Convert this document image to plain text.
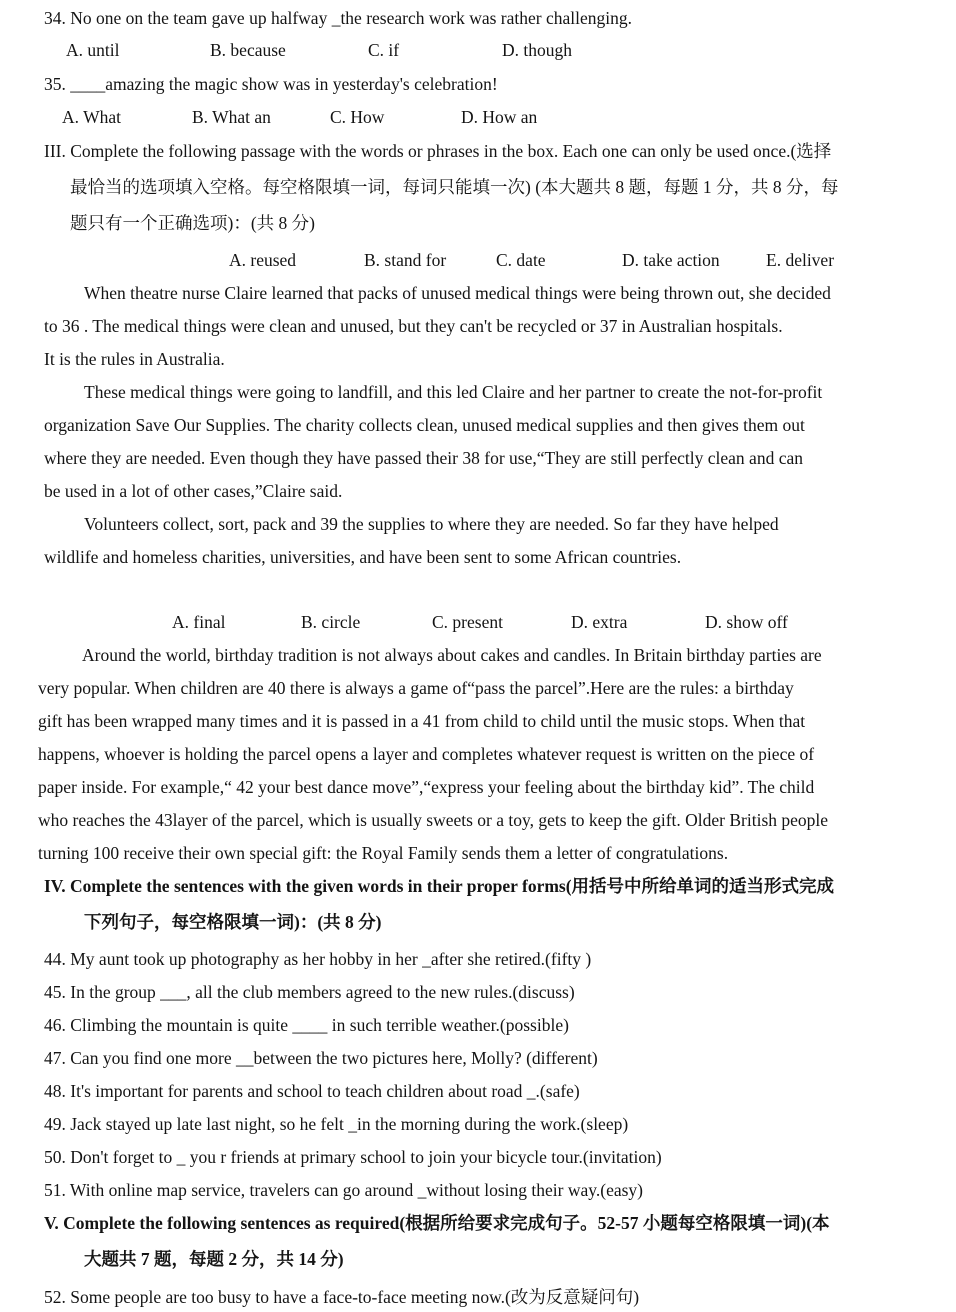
34. No one on the team gave up halfway _the research work was rather challenging.
A. until	B. because	C. if	D. though
35. ____amazing the magic show was in yesterday's celebration!
A. What	B. What an	C. How	D. How an
III. Complete the following passage with the words or phrases in the box. Each one can only be used once.(选择
最恰当的选项填入空格。每空格限填一词，每词只能填一次) (本大题共 8 题，每题 1 分，共 8 分，每
题只有一个正确选项)：(共 8 分)
A. reused	B. stand for	C. date	D. take action	E. deliver
When theatre nurse Claire learned that packs of unused medical things were being thrown out, she decided
to 36 . The medical things were clean and unused, but they can't be recycled or 37 in Australian hospitals.
It is the rules in Australia.
These medical things were going to landfill, and this led Claire and her partner to create the not-for-profit
organization Save Our Supplies. The charity collects clean, unused medical supplies and then gives them out
where they are needed. Even though they have passed their 38 for use,“They are still perfectly clean and can
be used in a lot of other cases,”Claire said.
Volunteers collect, sort, pack and 39 the supplies to where they are needed. So far they have helped
wildlife and homeless charities, universities, and have been sent to some African countries.
A. final	B. circle	C. present	D. extra	D. show off
Around the world, birthday tradition is not always about cakes and candles. In Britain birthday parties are
very popular. When children are 40 there is always a game of“pass the parcel”.Here are the rules: a birthday
gift has been wrapped many times and it is passed in a 41 from child to child until the music stops. When that
happens, whoever is holding the parcel opens a layer and completes whatever request is written on the piece of
paper inside. For example,“ 42 your best dance move”,“express your feeling about the birthday kid”. The child
who reaches the 43layer of the parcel, which is usually sweets or a toy, gets to keep the gift. Older British people
turning 100 receive their own special gift: the Royal Family sends them a letter of congratulations.
IV. Complete the sentences with the given words in their proper forms(用括号中所给单词的适当形式完成
下列句子，每空格限填一词)：(共 8 分)
44. My aunt took up photography as her hobby in her _after she retired.(fifty )
45. In the group ___, all the club members agreed to the new rules.(discuss)
46. Climbing the mountain is quite ____ in such terrible weather.(possible)
47. Can you find one more __between the two pictures here, Molly? (different)
48. It's important for parents and school to teach children about road _.(safe)
49. Jack stayed up late last night, so he felt _in the morning during the work.(sleep)
50. Don't forget to _ you r friends at primary school to join your bicycle tour.(invitation)
51. With online map service, travelers can go around _without losing their way.(easy)
V. Complete the following sentences as required(根据所给要求完成句子。52-57 小题每空格限填一词)(本
大题共 7 题，每题 2 分，共 14 分)
52. Some people are too busy to have a face-to-face meeting now.(改为反意疑问句)
